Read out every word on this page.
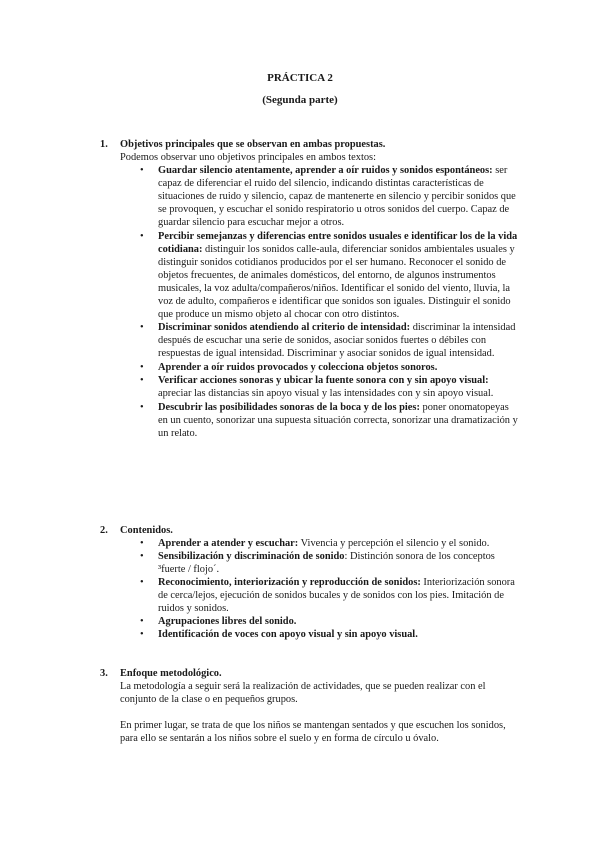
PRÁCTICA 2
(Segunda parte)
1.	Objetivos principales que se observan en ambas propuestas.
Podemos observar uno objetivos principales en ambos textos:
• Guardar silencio atentamente, aprender a oír ruidos y sonidos espontáneos: ser capaz de diferenciar el ruido del silencio, indicando distintas características de situaciones de ruido y silencio, capaz de mantenerte en silencio y percibir sonidos que se provoquen, y escuchar el sonido respiratorio u otros sonidos del cuerpo. Capaz de guardar silencio para escuchar mejor a otros.
• Percibir semejanzas y diferencias entre sonidos usuales e identificar los de la vida cotidiana: distinguir los sonidos calle-aula, diferenciar sonidos ambientales usuales y distinguir sonidos cotidianos producidos por el ser humano. Reconocer el sonido de objetos frecuentes, de animales domésticos, del entorno, de algunos instrumentos musicales, la voz adulta/compañeros/niños. Identificar el sonido del viento, lluvia, la voz de adulto, compañeros e identificar que sonidos son iguales. Distinguir el sonido que produce un mismo objeto al chocar con otro distintos.
• Discriminar sonidos atendiendo al criterio de intensidad: discriminar la intensidad después de escuchar una serie de sonidos, asociar sonidos fuertes o débiles con respuestas de igual intensidad. Discriminar y asociar sonidos de igual intensidad.
• Aprender a oír ruidos provocados y colecciona objetos sonoros.
• Verificar acciones sonoras y ubicar la fuente sonora con y sin apoyo visual: apreciar las distancias sin apoyo visual y las intensidades con y sin apoyo visual.
• Descubrir las posibilidades sonoras de la boca y de los pies: poner onomatopeyas en un cuento, sonorizar una supuesta situación correcta, sonorizar una dramatización y un relato.
2.	Contenidos.
• Aprender a atender y escuchar: Vivencia y percepción el silencio y el sonido.
• Sensibilización y discriminación de sonido: Distinción sonora de los conceptos ³fuerte / flojo´.
• Reconocimiento, interiorización y reproducción de sonidos: Interiorización sonora de cerca/lejos, ejecución de sonidos bucales y de sonidos con los pies. Imitación de ruidos y sonidos.
• Agrupaciones libres del sonido.
• Identificación de voces con apoyo visual y sin apoyo visual.
3.	Enfoque metodológico.
La metodología a seguir será la realización de actividades, que se pueden realizar con el conjunto de la clase o en pequeños grupos.
En primer lugar, se trata de que los niños se mantengan sentados y que escuchen los sonidos, para ello se sentarán a los niños sobre el suelo y en forma de círculo u óvalo.
